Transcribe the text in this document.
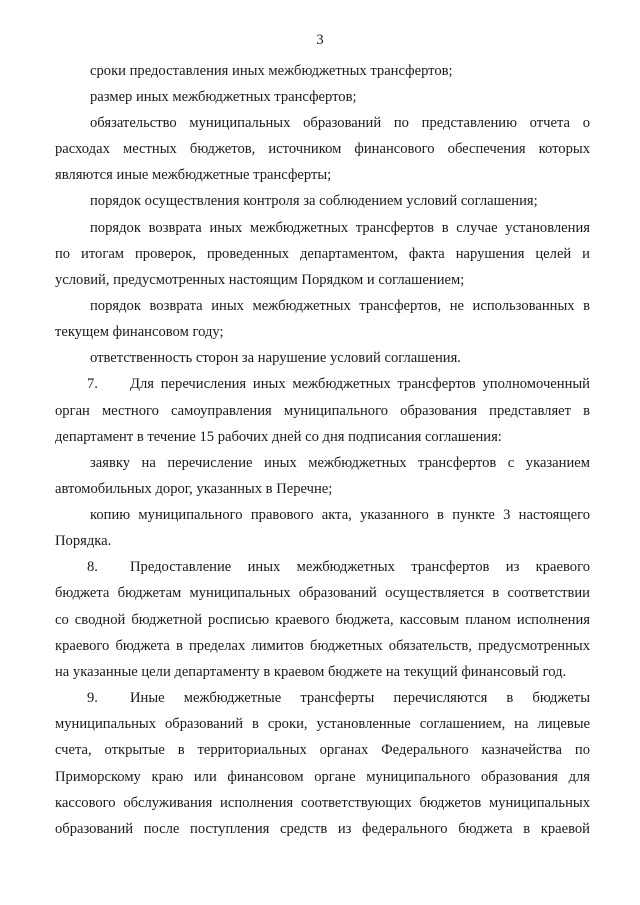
3
сроки предоставления иных межбюджетных трансфертов;
размер иных межбюджетных трансфертов;
обязательство муниципальных образований по представлению отчета о
расходах местных бюджетов, источником финансового обеспечения которых
являются иные межбюджетные трансферты;
порядок осуществления контроля за соблюдением условий соглашения;
порядок возврата иных межбюджетных трансфертов в случае установления
по итогам проверок, проведенных департаментом, факта нарушения целей и
условий, предусмотренных настоящим Порядком и соглашением;
порядок возврата иных межбюджетных трансфертов, не использованных в
текущем финансовом году;
ответственность сторон за нарушение условий соглашения.
7.	Для перечисления иных межбюджетных трансфертов уполномоченный
орган местного самоуправления муниципального образования представляет в
департамент в течение 15 рабочих дней со дня подписания соглашения:
заявку на перечисление иных межбюджетных трансфертов с указанием
автомобильных дорог, указанных в Перечне;
копию муниципального правового акта, указанного в пункте 3 настоящего
Порядка.
8.	Предоставление иных межбюджетных трансфертов из краевого
бюджета бюджетам муниципальных образований осуществляется в соответствии
со сводной бюджетной росписью краевого бюджета, кассовым планом исполнения
краевого бюджета в пределах лимитов бюджетных обязательств, предусмотренных
на указанные цели департаменту в краевом бюджете на текущий финансовый год.
9.	Иные межбюджетные трансферты перечисляются в бюджеты
муниципальных образований в сроки, установленные соглашением, на лицевые
счета, открытые в территориальных органах Федерального казначейства по
Приморскому краю или финансовом органе муниципального образования для
кассового обслуживания исполнения соответствующих бюджетов муниципальных
образований после поступления средств из федерального бюджета в краевой
